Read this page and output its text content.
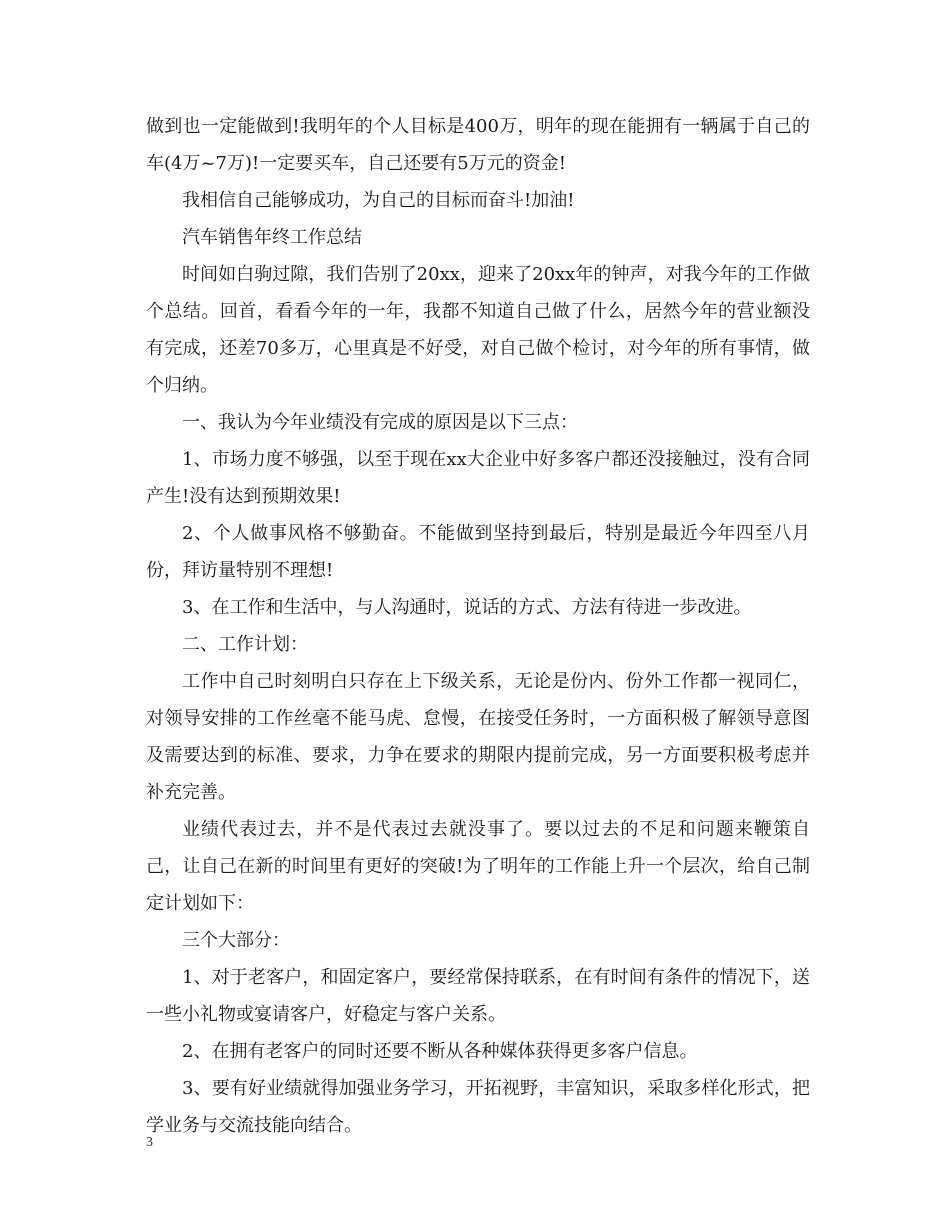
做到也一定能做到!我明年的个人目标是400万，明年的现在能拥有一辆属于自己的车(4万~7万)!一定要买车，自己还要有5万元的资金!

我相信自己能够成功，为自己的目标而奋斗!加油!

汽车销售年终工作总结

时间如白驹过隙，我们告别了20xx，迎来了20xx年的钟声，对我今年的工作做个总结。回首，看看今年的一年，我都不知道自己做了什么，居然今年的营业额没有完成，还差70多万，心里真是不好受，对自己做个检讨，对今年的所有事情，做个归纳。

一、我认为今年业绩没有完成的原因是以下三点：

1、市场力度不够强，以至于现在xx大企业中好多客户都还没接触过，没有合同产生!没有达到预期效果!

2、个人做事风格不够勤奋。不能做到坚持到最后，特别是最近今年四至八月份，拜访量特别不理想!

3、在工作和生活中，与人沟通时，说话的方式、方法有待进一步改进。

二、工作计划：

工作中自己时刻明白只存在上下级关系，无论是份内、份外工作都一视同仁，对领导安排的工作丝毫不能马虎、怠慢，在接受任务时，一方面积极了解领导意图及需要达到的标准、要求，力争在要求的期限内提前完成，另一方面要积极考虑并补充完善。

业绩代表过去，并不是代表过去就没事了。要以过去的不足和问题来鞭策自己，让自己在新的时间里有更好的突破!为了明年的工作能上升一个层次，给自己制定计划如下：

三个大部分：

1、对于老客户，和固定客户，要经常保持联系，在有时间有条件的情况下，送一些小礼物或宴请客户，好稳定与客户关系。

2、在拥有老客户的同时还要不断从各种媒体获得更多客户信息。

3、要有好业绩就得加强业务学习，开拓视野，丰富知识，采取多样化形式，把学业务与交流技能向结合。

3
